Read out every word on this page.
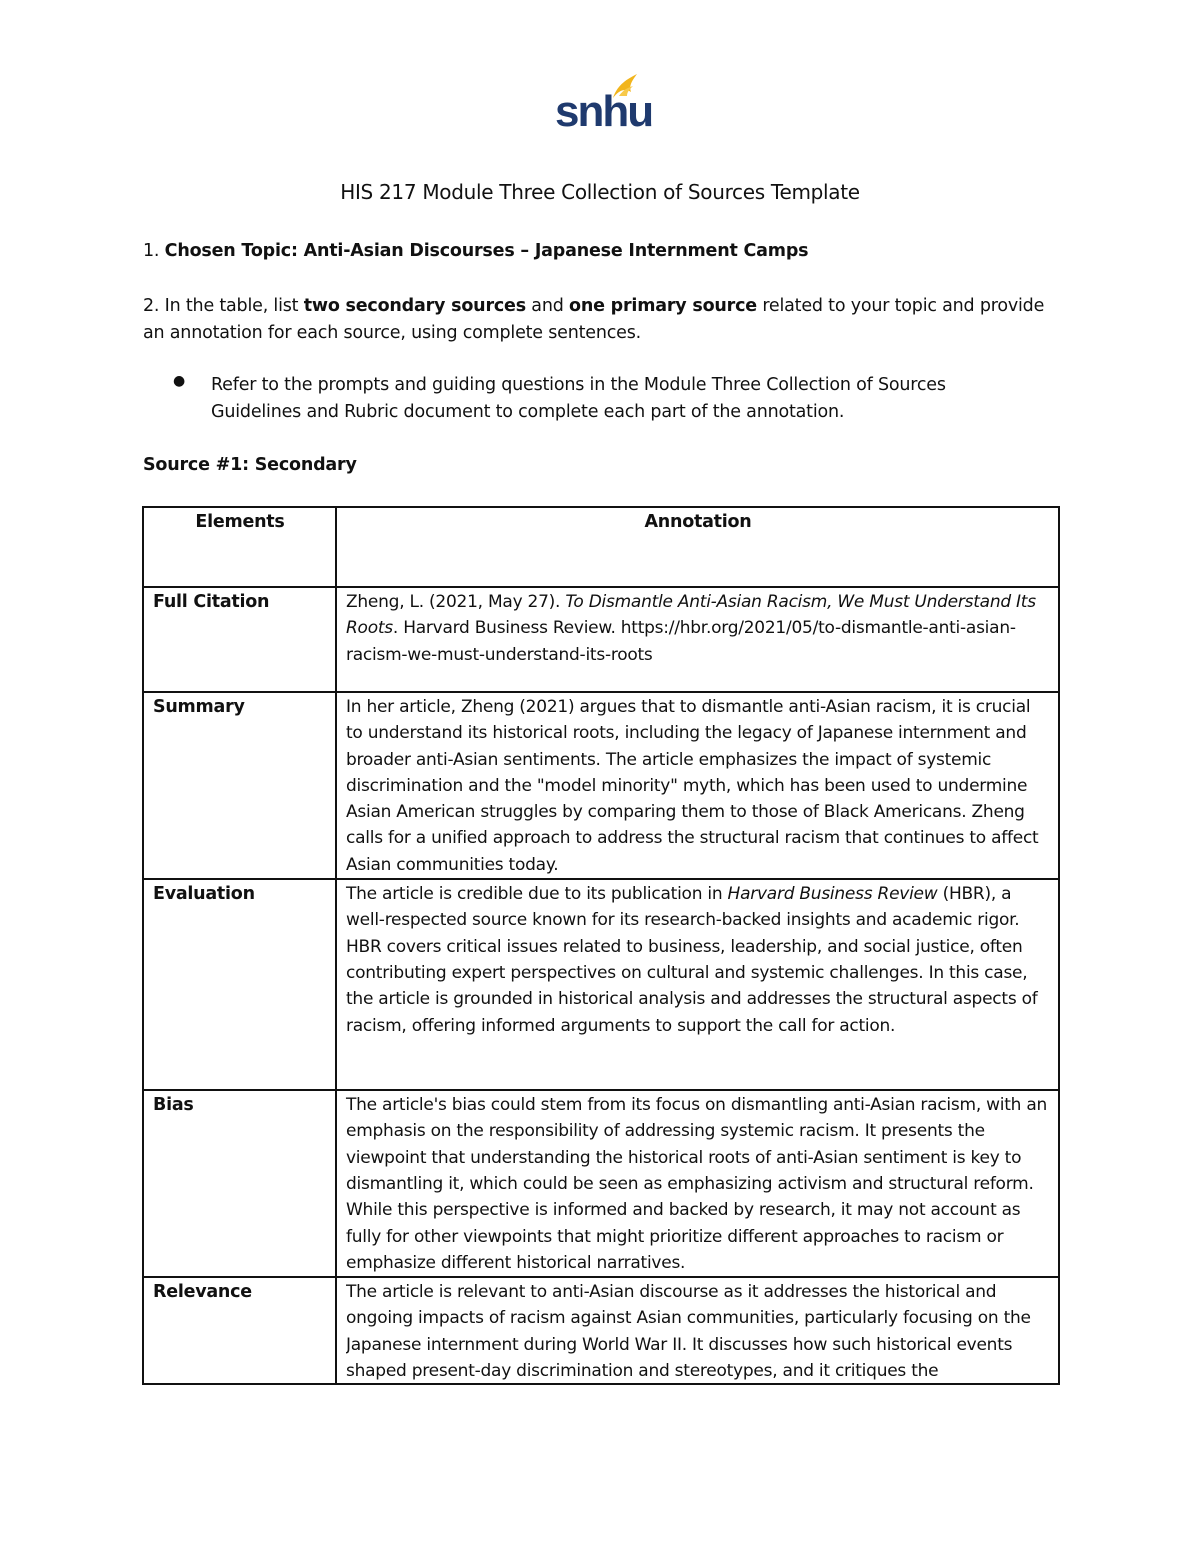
snhu
HIS 217 Module Three Collection of Sources Template
1. Chosen Topic: Anti-Asian Discourses – Japanese Internment Camps
2. In the table, list two secondary sources and one primary source related to your topic and provide an annotation for each source, using complete sentences.
● Refer to the prompts and guiding questions in the Module Three Collection of Sources Guidelines and Rubric document to complete each part of the annotation.
Source #1: Secondary
Elements	Annotation
Full Citation	Zheng, L. (2021, May 27). To Dismantle Anti-Asian Racism, We Must Understand Its Roots. Harvard Business Review. https://hbr.org/2021/05/to-dismantle-anti-asian-racism-we-must-understand-its-roots
Summary	In her article, Zheng (2021) argues that to dismantle anti-Asian racism, it is crucial to understand its historical roots, including the legacy of Japanese internment and broader anti-Asian sentiments. The article emphasizes the impact of systemic discrimination and the "model minority" myth, which has been used to undermine Asian American struggles by comparing them to those of Black Americans. Zheng calls for a unified approach to address the structural racism that continues to affect Asian communities today.
Evaluation	The article is credible due to its publication in Harvard Business Review (HBR), a well-respected source known for its research-backed insights and academic rigor. HBR covers critical issues related to business, leadership, and social justice, often contributing expert perspectives on cultural and systemic challenges. In this case, the article is grounded in historical analysis and addresses the structural aspects of racism, offering informed arguments to support the call for action.
Bias	The article's bias could stem from its focus on dismantling anti-Asian racism, with an emphasis on the responsibility of addressing systemic racism. It presents the viewpoint that understanding the historical roots of anti-Asian sentiment is key to dismantling it, which could be seen as emphasizing activism and structural reform. While this perspective is informed and backed by research, it may not account as fully for other viewpoints that might prioritize different approaches to racism or emphasize different historical narratives.
Relevance	The article is relevant to anti-Asian discourse as it addresses the historical and ongoing impacts of racism against Asian communities, particularly focusing on the Japanese internment during World War II. It discusses how such historical events shaped present-day discrimination and stereotypes, and it critiques the
